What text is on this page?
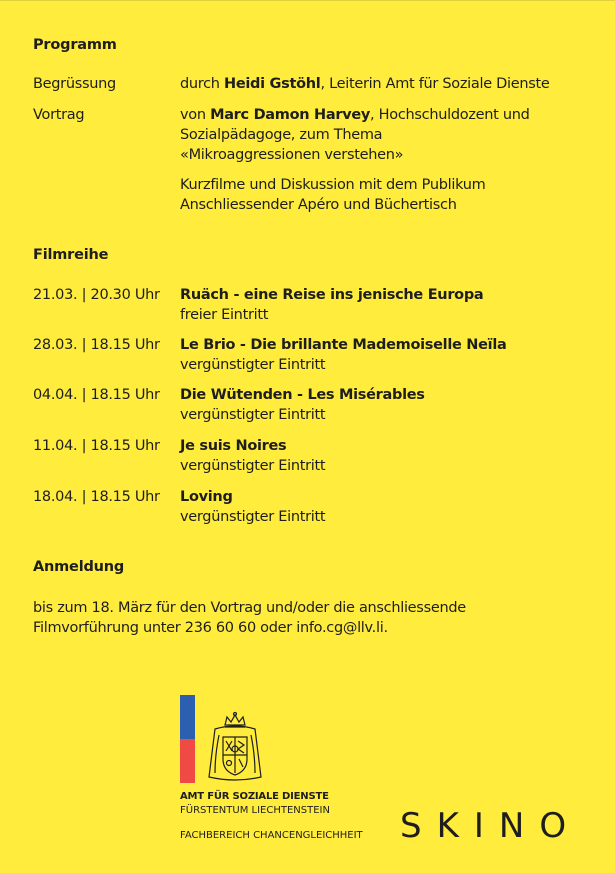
Programm
Begrüssung	durch Heidi Gstöhl, Leiterin Amt für Soziale Dienste
Vortrag	von Marc Damon Harvey, Hochschuldozent und
Sozialpädagoge, zum Thema
«Mikroaggressionen verstehen»
Kurzfilme und Diskussion mit dem Publikum
Anschliessender Apéro und Büchertisch
Filmreihe
21.03. | 20.30 Uhr Ruäch - eine Reise ins jenische Europa
freier Eintritt
28.03. | 18.15 Uhr Le Brio - Die brillante Mademoiselle Neïla
vergünstigter Eintritt
04.04. | 18.15 Uhr Die Wütenden - Les Misérables
vergünstigter Eintritt
11.04. | 18.15 Uhr Je suis Noires
vergünstigter Eintritt
18.04. | 18.15 Uhr Loving
vergünstigter Eintritt
Anmeldung
bis zum 18. März für den Vortrag und/oder die anschliessende
Filmvorführung unter 236 60 60 oder info.cg@llv.li.
AMT FÜR SOZIALE DIENSTE
FÜRSTENTUM LIECHTENSTEIN
FACHBEREICH CHANCENGLEICHHEIT SKINO
